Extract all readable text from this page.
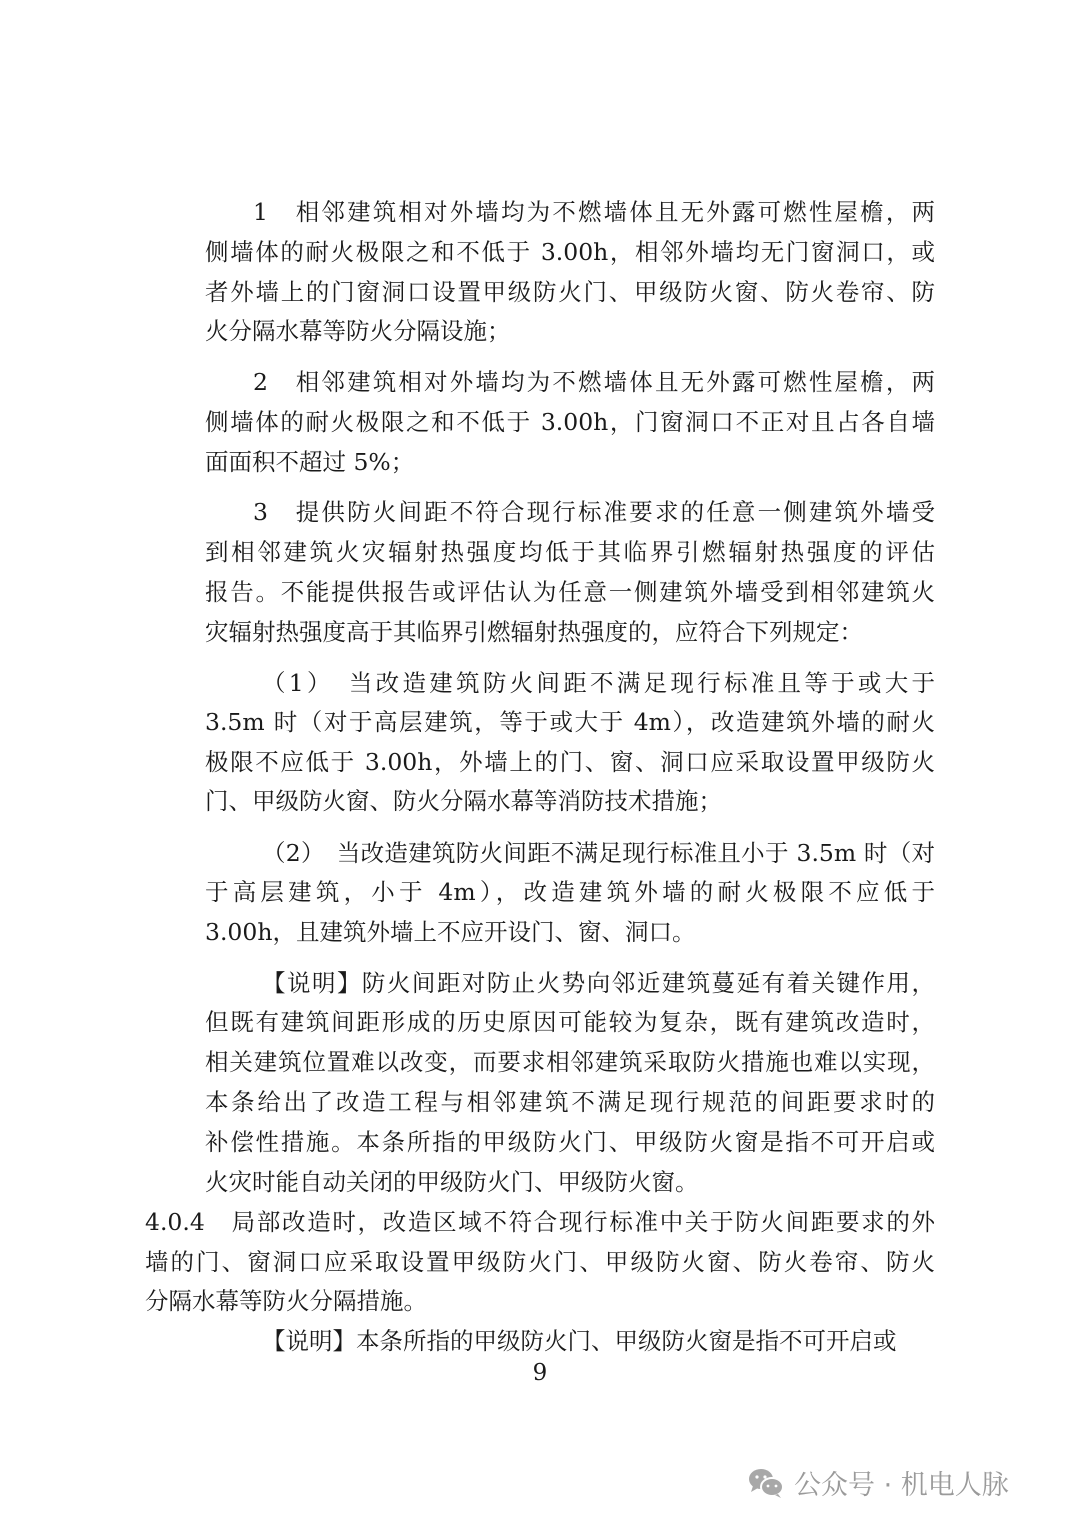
1　相邻建筑相对外墙均为不燃墙体且无外露可燃性屋檐，两
侧墙体的耐火极限之和不低于 3.00h，相邻外墙均无门窗洞口，或
者外墙上的门窗洞口设置甲级防火门、甲级防火窗、防火卷帘、防
火分隔水幕等防火分隔设施；
2　相邻建筑相对外墙均为不燃墙体且无外露可燃性屋檐，两
侧墙体的耐火极限之和不低于 3.00h，门窗洞口不正对且占各自墙
面面积不超过 5%；
3　提供防火间距不符合现行标准要求的任意一侧建筑外墙受
到相邻建筑火灾辐射热强度均低于其临界引燃辐射热强度的评估
报告。不能提供报告或评估认为任意一侧建筑外墙受到相邻建筑火
灾辐射热强度高于其临界引燃辐射热强度的，应符合下列规定：
（1）　当改造建筑防火间距不满足现行标准且等于或大于
3.5m 时（对于高层建筑，等于或大于 4m），改造建筑外墙的耐火
极限不应低于 3.00h，外墙上的门、窗、洞口应采取设置甲级防火
门、甲级防火窗、防火分隔水幕等消防技术措施；
（2）　当改造建筑防火间距不满足现行标准且小于 3.5m 时（对
于高层建筑，小于 4m），改造建筑外墙的耐火极限不应低于
3.00h，且建筑外墙上不应开设门、窗、洞口。
【说明】防火间距对防止火势向邻近建筑蔓延有着关键作用，
但既有建筑间距形成的历史原因可能较为复杂，既有建筑改造时，
相关建筑位置难以改变，而要求相邻建筑采取防火措施也难以实现，
本条给出了改造工程与相邻建筑不满足现行规范的间距要求时的
补偿性措施。本条所指的甲级防火门、甲级防火窗是指不可开启或
火灾时能自动关闭的甲级防火门、甲级防火窗。
4.0.4　局部改造时，改造区域不符合现行标准中关于防火间距要求的外
墙的门、窗洞口应采取设置甲级防火门、甲级防火窗、防火卷帘、防火
分隔水幕等防火分隔措施。
【说明】本条所指的甲级防火门、甲级防火窗是指不可开启或
9
公众号 · 机电人脉
